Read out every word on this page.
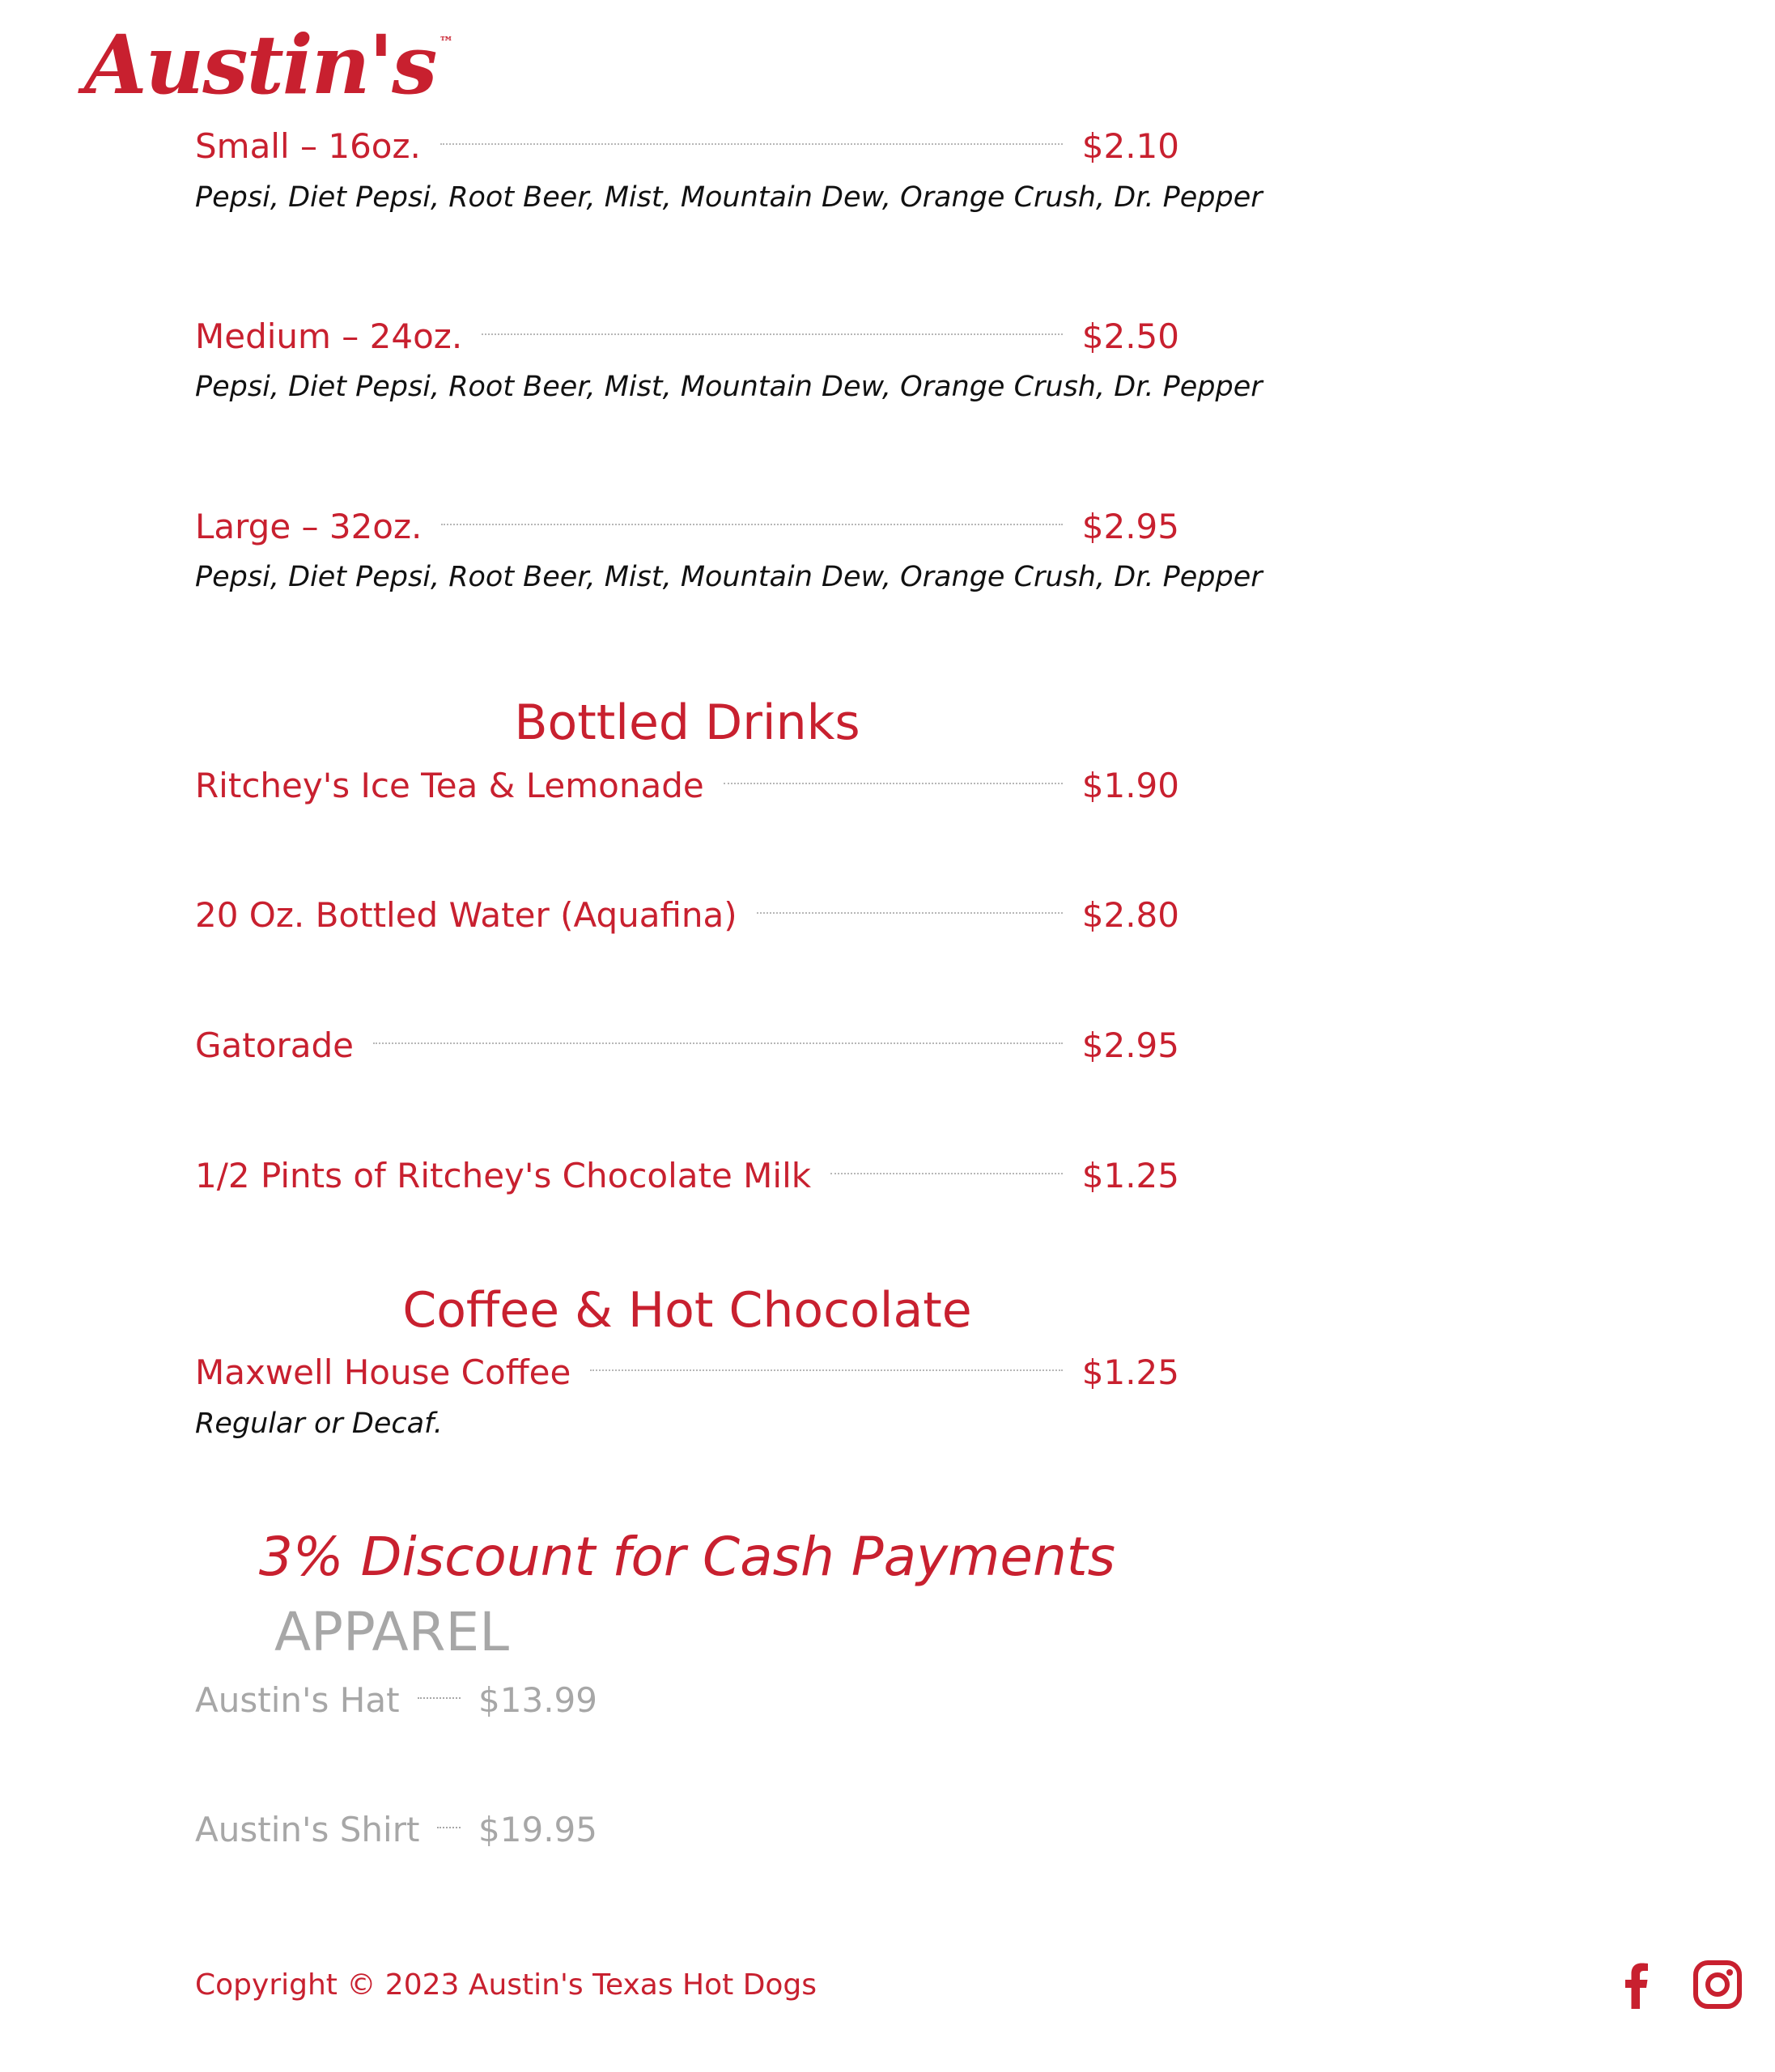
Austin's ™
Small – 16oz.	$2.10
Pepsi, Diet Pepsi, Root Beer, Mist, Mountain Dew, Orange Crush, Dr. Pepper
Medium – 24oz.	$2.50
Pepsi, Diet Pepsi, Root Beer, Mist, Mountain Dew, Orange Crush, Dr. Pepper
Large – 32oz.	$2.95
Pepsi, Diet Pepsi, Root Beer, Mist, Mountain Dew, Orange Crush, Dr. Pepper
Bottled Drinks
Ritchey's Ice Tea & Lemonade	$1.90
20 Oz. Bottled Water (Aquafina)	$2.80
Gatorade	$2.95
1/2 Pints of Ritchey's Chocolate Milk	$1.25
Coffee & Hot Chocolate
Maxwell House Coffee	$1.25
Regular or Decaf.
3% Discount for Cash Payments
APPAREL
Austin's Hat $13.99
Austin's Shirt $19.95
Copyright © 2023 Austin's Texas Hot Dogs
